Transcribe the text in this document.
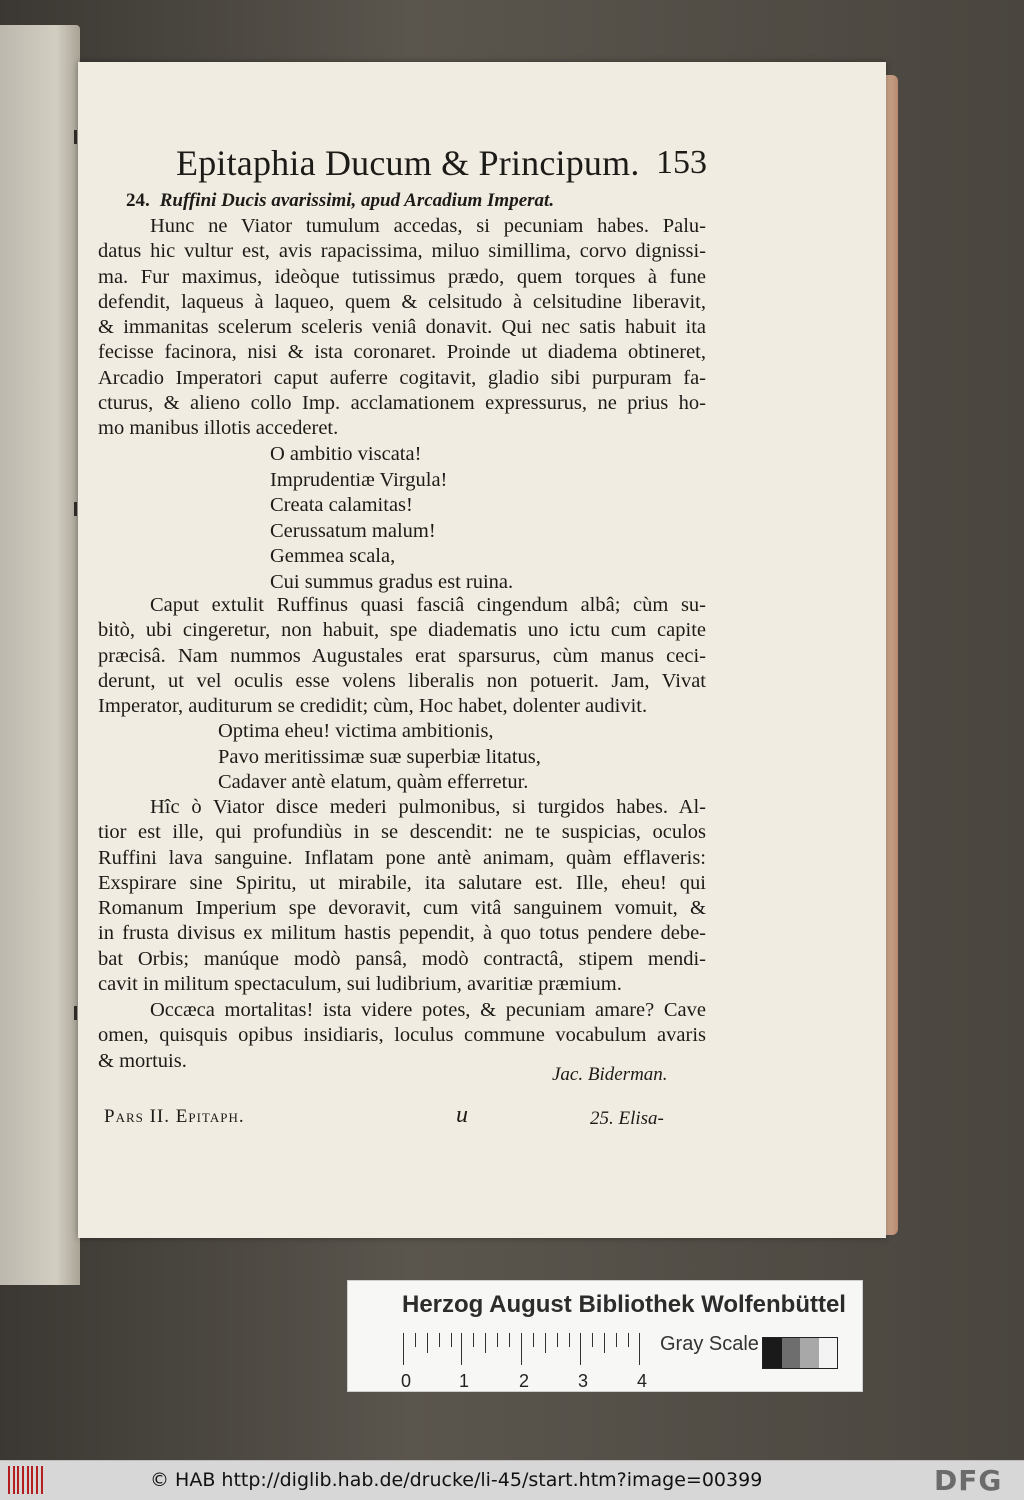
Epitaphia Ducum & Principum. 153
24. Ruffini Ducis avarissimi, apud Arcadium Imperat.
Hunc ne Viator tumulum accedas, si pecuniam habes. Palu-
datus hic vultur est, avis rapacissima, miluo simillima, corvo dignissi-
ma. Fur maximus, ideòque tutissimus prædo, quem torques à fune
defendit, laqueus à laqueo, quem & celsitudo à celsitudine liberavit,
& immanitas scelerum sceleris veniâ donavit. Qui nec satis habuit ita
fecisse facinora, nisi & ista coronaret. Proinde ut diadema obtineret,
Arcadio Imperatori caput auferre cogitavit, gladio sibi purpuram fa-
cturus, & alieno collo Imp. acclamationem expressurus, ne prius ho-
mo manibus illotis accederet.
O ambitio viscata!
Imprudentiæ Virgula!
Creata calamitas!
Cerussatum malum!
Gemmea scala,
Cui summus gradus est ruina.
Caput extulit Ruffinus quasi fasciâ cingendum albâ; cùm su-
bitò, ubi cingeretur, non habuit, spe diadematis uno ictu cum capite
præcisâ. Nam nummos Augustales erat sparsurus, cùm manus ceci-
derunt, ut vel oculis esse volens liberalis non potuerit. Jam, Vivat
Imperator, auditurum se credidit; cùm, Hoc habet, dolenter audivit.
Optima eheu! victima ambitionis,
Pavo meritissimæ suæ superbiæ litatus,
Cadaver antè elatum, quàm efferretur.
Hîc ò Viator disce mederi pulmonibus, si turgidos habes. Al-
tior est ille, qui profundiùs in se descendit: ne te suspicias, oculos
Ruffini lava sanguine. Inflatam pone antè animam, quàm efflaveris:
Exspirare sine Spiritu, ut mirabile, ita salutare est. Ille, eheu! qui
Romanum Imperium spe devoravit, cum vitâ sanguinem vomuit, &
in frusta divisus ex militum hastis pependit, à quo totus pendere debe-
bat Orbis; manúque modò pansâ, modò contractâ, stipem mendi-
cavit in militum spectaculum, sui ludibrium, avaritiæ præmium.
Occæca mortalitas! ista videre potes, & pecuniam amare? Cave
omen, quisquis opibus insidiaris, loculus commune vocabulum avaris
& mortuis.
Jac. Biderman.
Pars II. Epitaph.	u	25. Elisa-
Herzog August Bibliothek Wolfenbüttel
0	1	2	3	4
Gray Scale
© HAB http://diglib.hab.de/drucke/li-45/start.htm?image=00399	DFG
